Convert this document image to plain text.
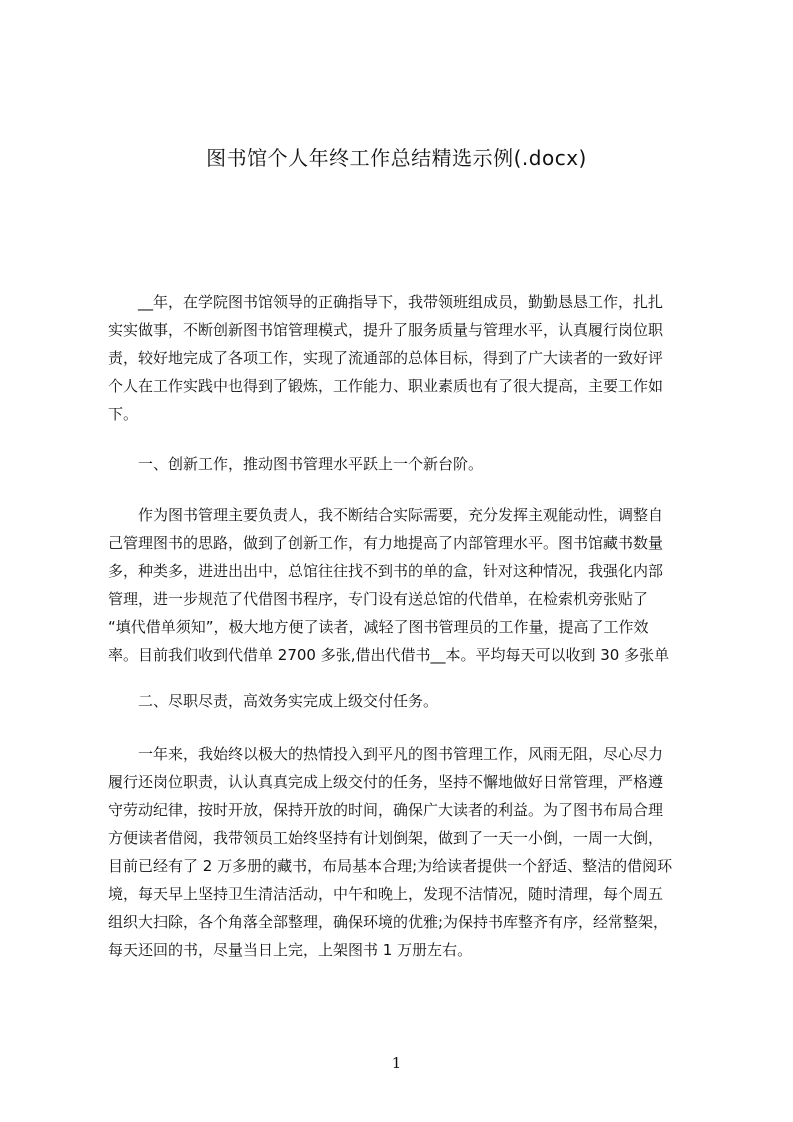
图书馆个人年终工作总结精选示例(.docx)
__年，在学院图书馆领导的正确指导下，我带领班组成员，勤勤恳恳工作，扎扎
实实做事，不断创新图书馆管理模式，提升了服务质量与管理水平，认真履行岗位职
责，较好地完成了各项工作，实现了流通部的总体目标，得到了广大读者的一致好评
个人在工作实践中也得到了锻炼，工作能力、职业素质也有了很大提高，主要工作如
下。
一、创新工作，推动图书管理水平跃上一个新台阶。
作为图书管理主要负责人，我不断结合实际需要，充分发挥主观能动性，调整自
己管理图书的思路，做到了创新工作，有力地提高了内部管理水平。图书馆藏书数量
多，种类多，进进出出中，总馆往往找不到书的单的盒，针对这种情况，我强化内部
管理，进一步规范了代借图书程序，专门设有送总馆的代借单，在检索机旁张贴了
“填代借单须知”，极大地方便了读者，减轻了图书管理员的工作量，提高了工作效
率。目前我们收到代借单 2700 多张,借出代借书__本。平均每天可以收到 30 多张单
二、尽职尽责，高效务实完成上级交付任务。
一年来，我始终以极大的热情投入到平凡的图书管理工作，风雨无阻，尽心尽力
履行还岗位职责，认认真真完成上级交付的任务，坚持不懈地做好日常管理，严格遵
守劳动纪律，按时开放，保持开放的时间，确保广大读者的利益。为了图书布局合理
方便读者借阅，我带领员工始终坚持有计划倒架，做到了一天一小倒，一周一大倒，
目前已经有了 2 万多册的藏书，布局基本合理;为给读者提供一个舒适、整洁的借阅环
境，每天早上坚持卫生清洁活动，中午和晚上，发现不洁情况，随时清理，每个周五
组织大扫除，各个角落全部整理，确保环境的优雅;为保持书库整齐有序，经常整架，
每天还回的书，尽量当日上完，上架图书 1 万册左右。
1
